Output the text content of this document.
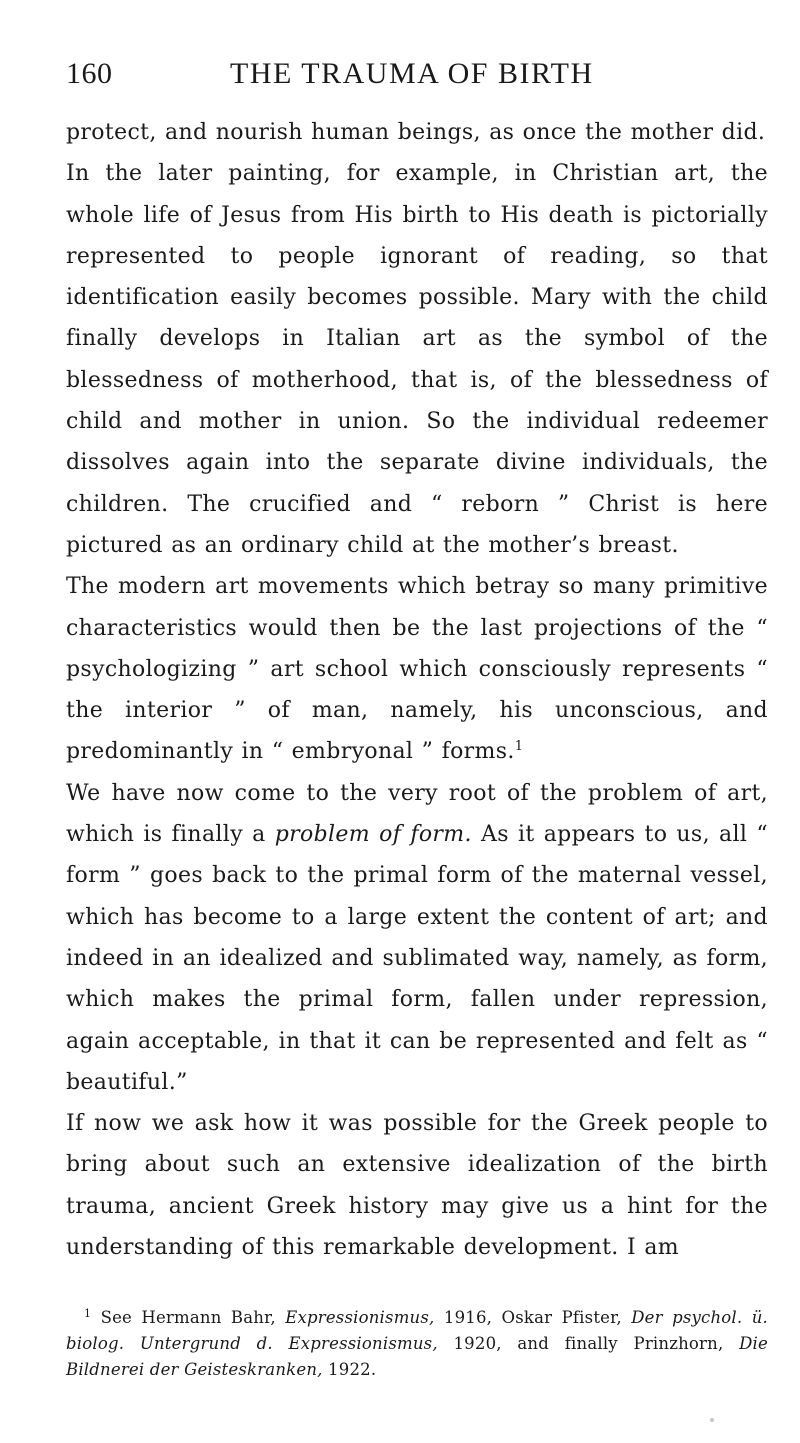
160	THE TRAUMA OF BIRTH

protect, and nourish human beings, as once the mother did.

In the later painting, for example, in Christian art, the whole life of Jesus from His birth to His death is pictorially represented to people ignorant of reading, so that identification easily becomes possible. Mary with the child finally develops in Italian art as the symbol of the blessedness of motherhood, that is, of the blessedness of child and mother in union. So the individual redeemer dissolves again into the separate divine individuals, the children. The crucified and “ reborn ” Christ is here pictured as an ordinary child at the mother’s breast.

The modern art movements which betray so many primitive characteristics would then be the last projections of the “ psychologizing ” art school which consciously represents “ the interior ” of man, namely, his unconscious, and predominantly in “ embryonal ” forms.$^1$

We have now come to the very root of the problem of art, which is finally a problem of form. As it appears to us, all “ form ” goes back to the primal form of the maternal vessel, which has become to a large extent the content of art; and indeed in an idealized and sublimated way, namely, as form, which makes the primal form, fallen under repression, again acceptable, in that it can be represented and felt as “ beautiful.”

If now we ask how it was possible for the Greek people to bring about such an extensive idealization of the birth trauma, ancient Greek history may give us a hint for the understanding of this remarkable development. I am

$^1$ See Hermann Bahr, Expressionismus, 1916, Oskar Pfister, Der psychol. ü. biolog. Untergrund d. Expressionismus, 1920, and finally Prinzhorn, Die Bildnerei der Geisteskranken, 1922.
